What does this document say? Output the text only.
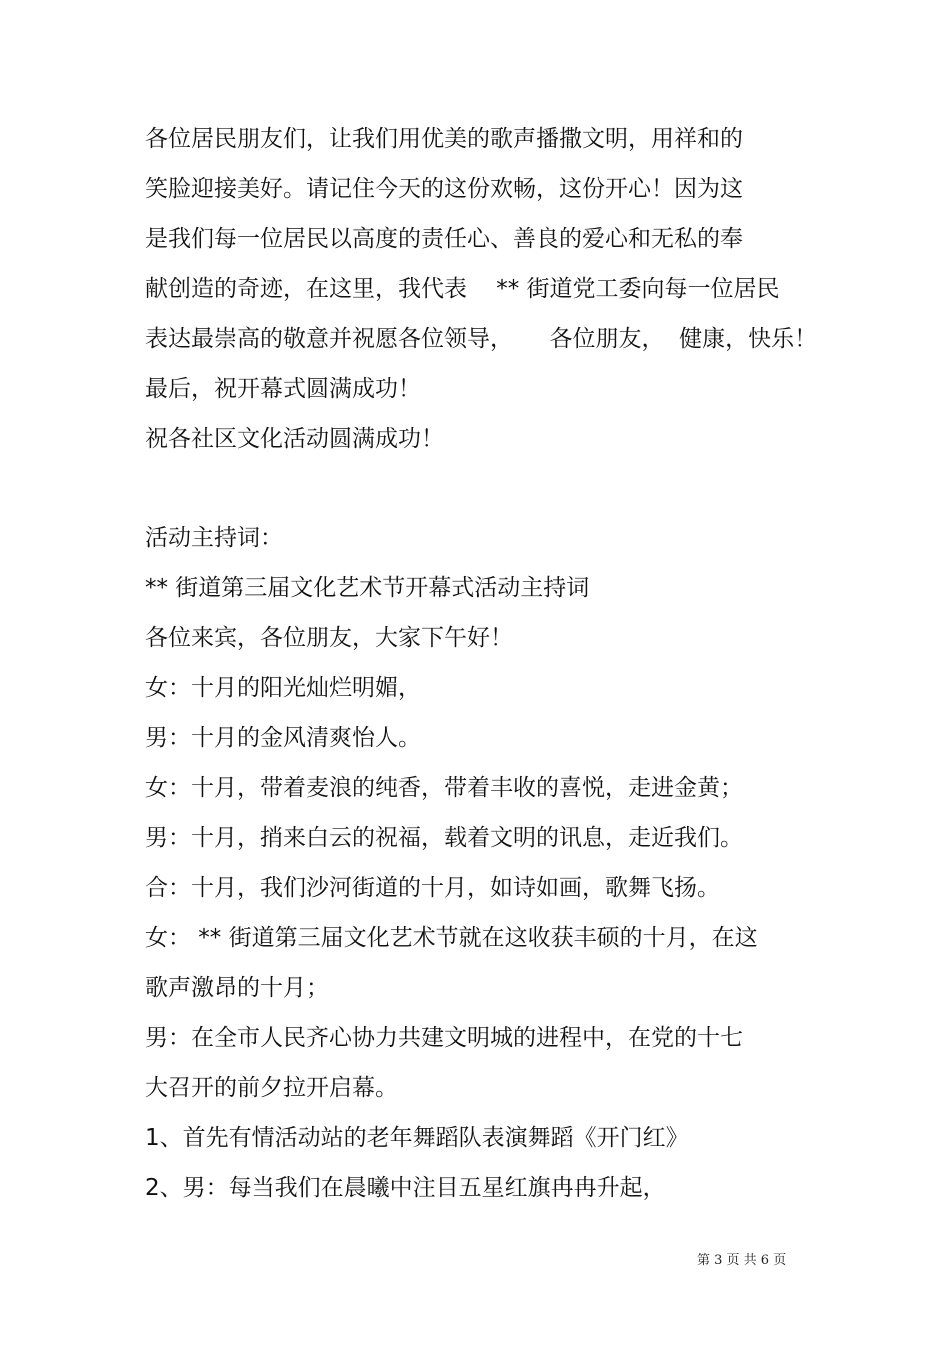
各位居民朋友们，让我们用优美的歌声播撒文明，用祥和的
笑脸迎接美好。请记住今天的这份欢畅，这份开心！因为这
是我们每一位居民以高度的责任心、善良的爱心和无私的奉
献创造的奇迹，在这里，我代表    ** 街道党工委向每一位居民
表达最崇高的敬意并祝愿各位领导，     各位朋友，  健康，快乐！
最后，祝开幕式圆满成功！
祝各社区文化活动圆满成功！
活动主持词：
** 街道第三届文化艺术节开幕式活动主持词
各位来宾，各位朋友，大家下午好！
女：十月的阳光灿烂明媚，
男：十月的金风清爽怡人。
女：十月，带着麦浪的纯香，带着丰收的喜悦，走进金黄；
男：十月，捎来白云的祝福，载着文明的讯息，走近我们。
合：十月，我们沙河街道的十月，如诗如画，歌舞飞扬。
女： ** 街道第三届文化艺术节就在这收获丰硕的十月，在这
歌声激昂的十月；
男：在全市人民齐心协力共建文明城的进程中，在党的十七
大召开的前夕拉开启幕。
1、首先有情活动站的老年舞蹈队表演舞蹈《开门红》
2、男：每当我们在晨曦中注目五星红旗冉冉升起，
第 3 页 共 6 页
